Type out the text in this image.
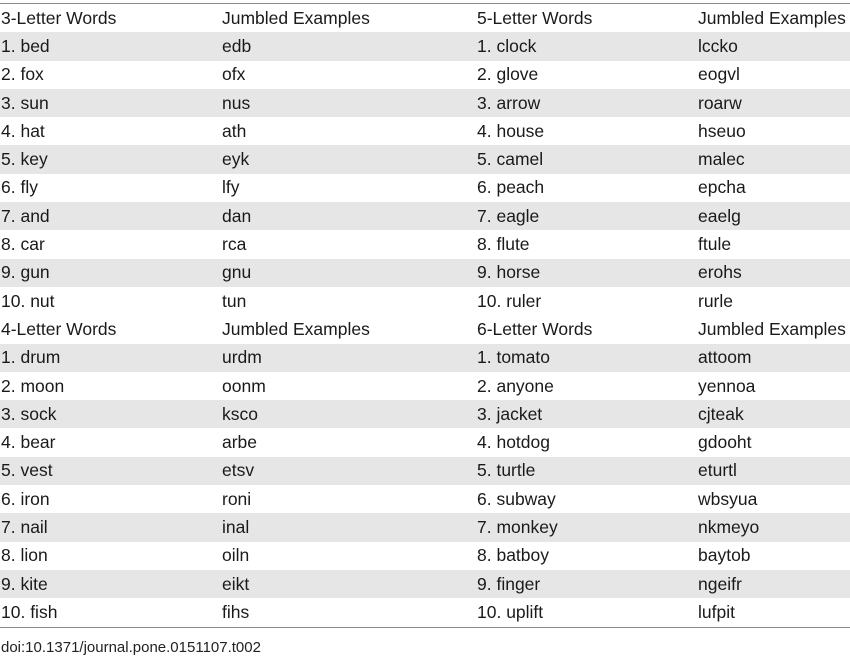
3-Letter Words	Jumbled Examples	5-Letter Words	Jumbled Examples
1. bed	edb	1. clock	lccko
2. fox	ofx	2. glove	eogvl
3. sun	nus	3. arrow	roarw
4. hat	ath	4. house	hseuo
5. key	eyk	5. camel	malec
6. fly	lfy	6. peach	epcha
7. and	dan	7. eagle	eaelg
8. car	rca	8. flute	ftule
9. gun	gnu	9. horse	erohs
10. nut	tun	10. ruler	rurle
4-Letter Words	Jumbled Examples	6-Letter Words	Jumbled Examples
1. drum	urdm	1. tomato	attoom
2. moon	oonm	2. anyone	yennoa
3. sock	ksco	3. jacket	cjteak
4. bear	arbe	4. hotdog	gdooht
5. vest	etsv	5. turtle	eturtl
6. iron	roni	6. subway	wbsyua
7. nail	inal	7. monkey	nkmeyo
8. lion	oiln	8. batboy	baytob
9. kite	eikt	9. finger	ngeifr
10. fish	fihs	10. uplift	lufpit
doi:10.1371/journal.pone.0151107.t002
